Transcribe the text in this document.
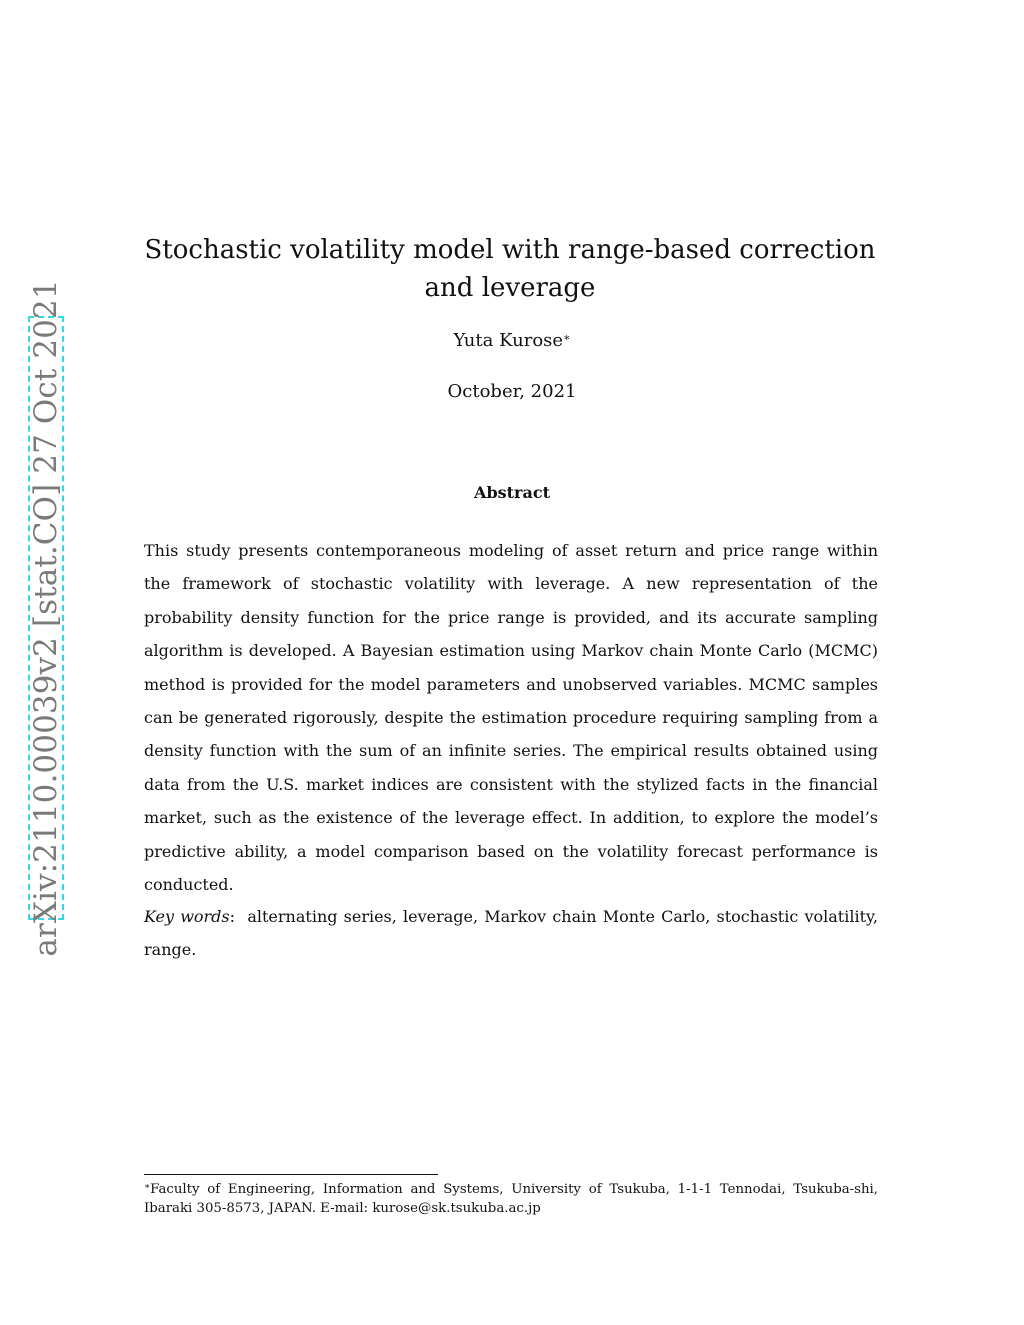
arXiv:2110.00039v2 [stat.CO] 27 Oct 2021
Stochastic volatility model with range-based correction and leverage
Yuta Kurose∗
October, 2021
Abstract
This study presents contemporaneous modeling of asset return and price range within the framework of stochastic volatility with leverage. A new representation of the probability density function for the price range is provided, and its accurate sampling algorithm is developed. A Bayesian estimation using Markov chain Monte Carlo (MCMC) method is provided for the model parameters and unobserved variables. MCMC samples can be generated rigorously, despite the estimation procedure requiring sampling from a density function with the sum of an infinite series. The empirical results obtained using data from the U.S. market indices are consistent with the stylized facts in the financial market, such as the existence of the leverage effect. In addition, to explore the model’s predictive ability, a model comparison based on the volatility forecast performance is conducted.
Key words: alternating series, leverage, Markov chain Monte Carlo, stochastic volatility, range.
∗Faculty of Engineering, Information and Systems, University of Tsukuba, 1-1-1 Tennodai, Tsukuba-shi, Ibaraki 305-8573, JAPAN. E-mail: kurose@sk.tsukuba.ac.jp
